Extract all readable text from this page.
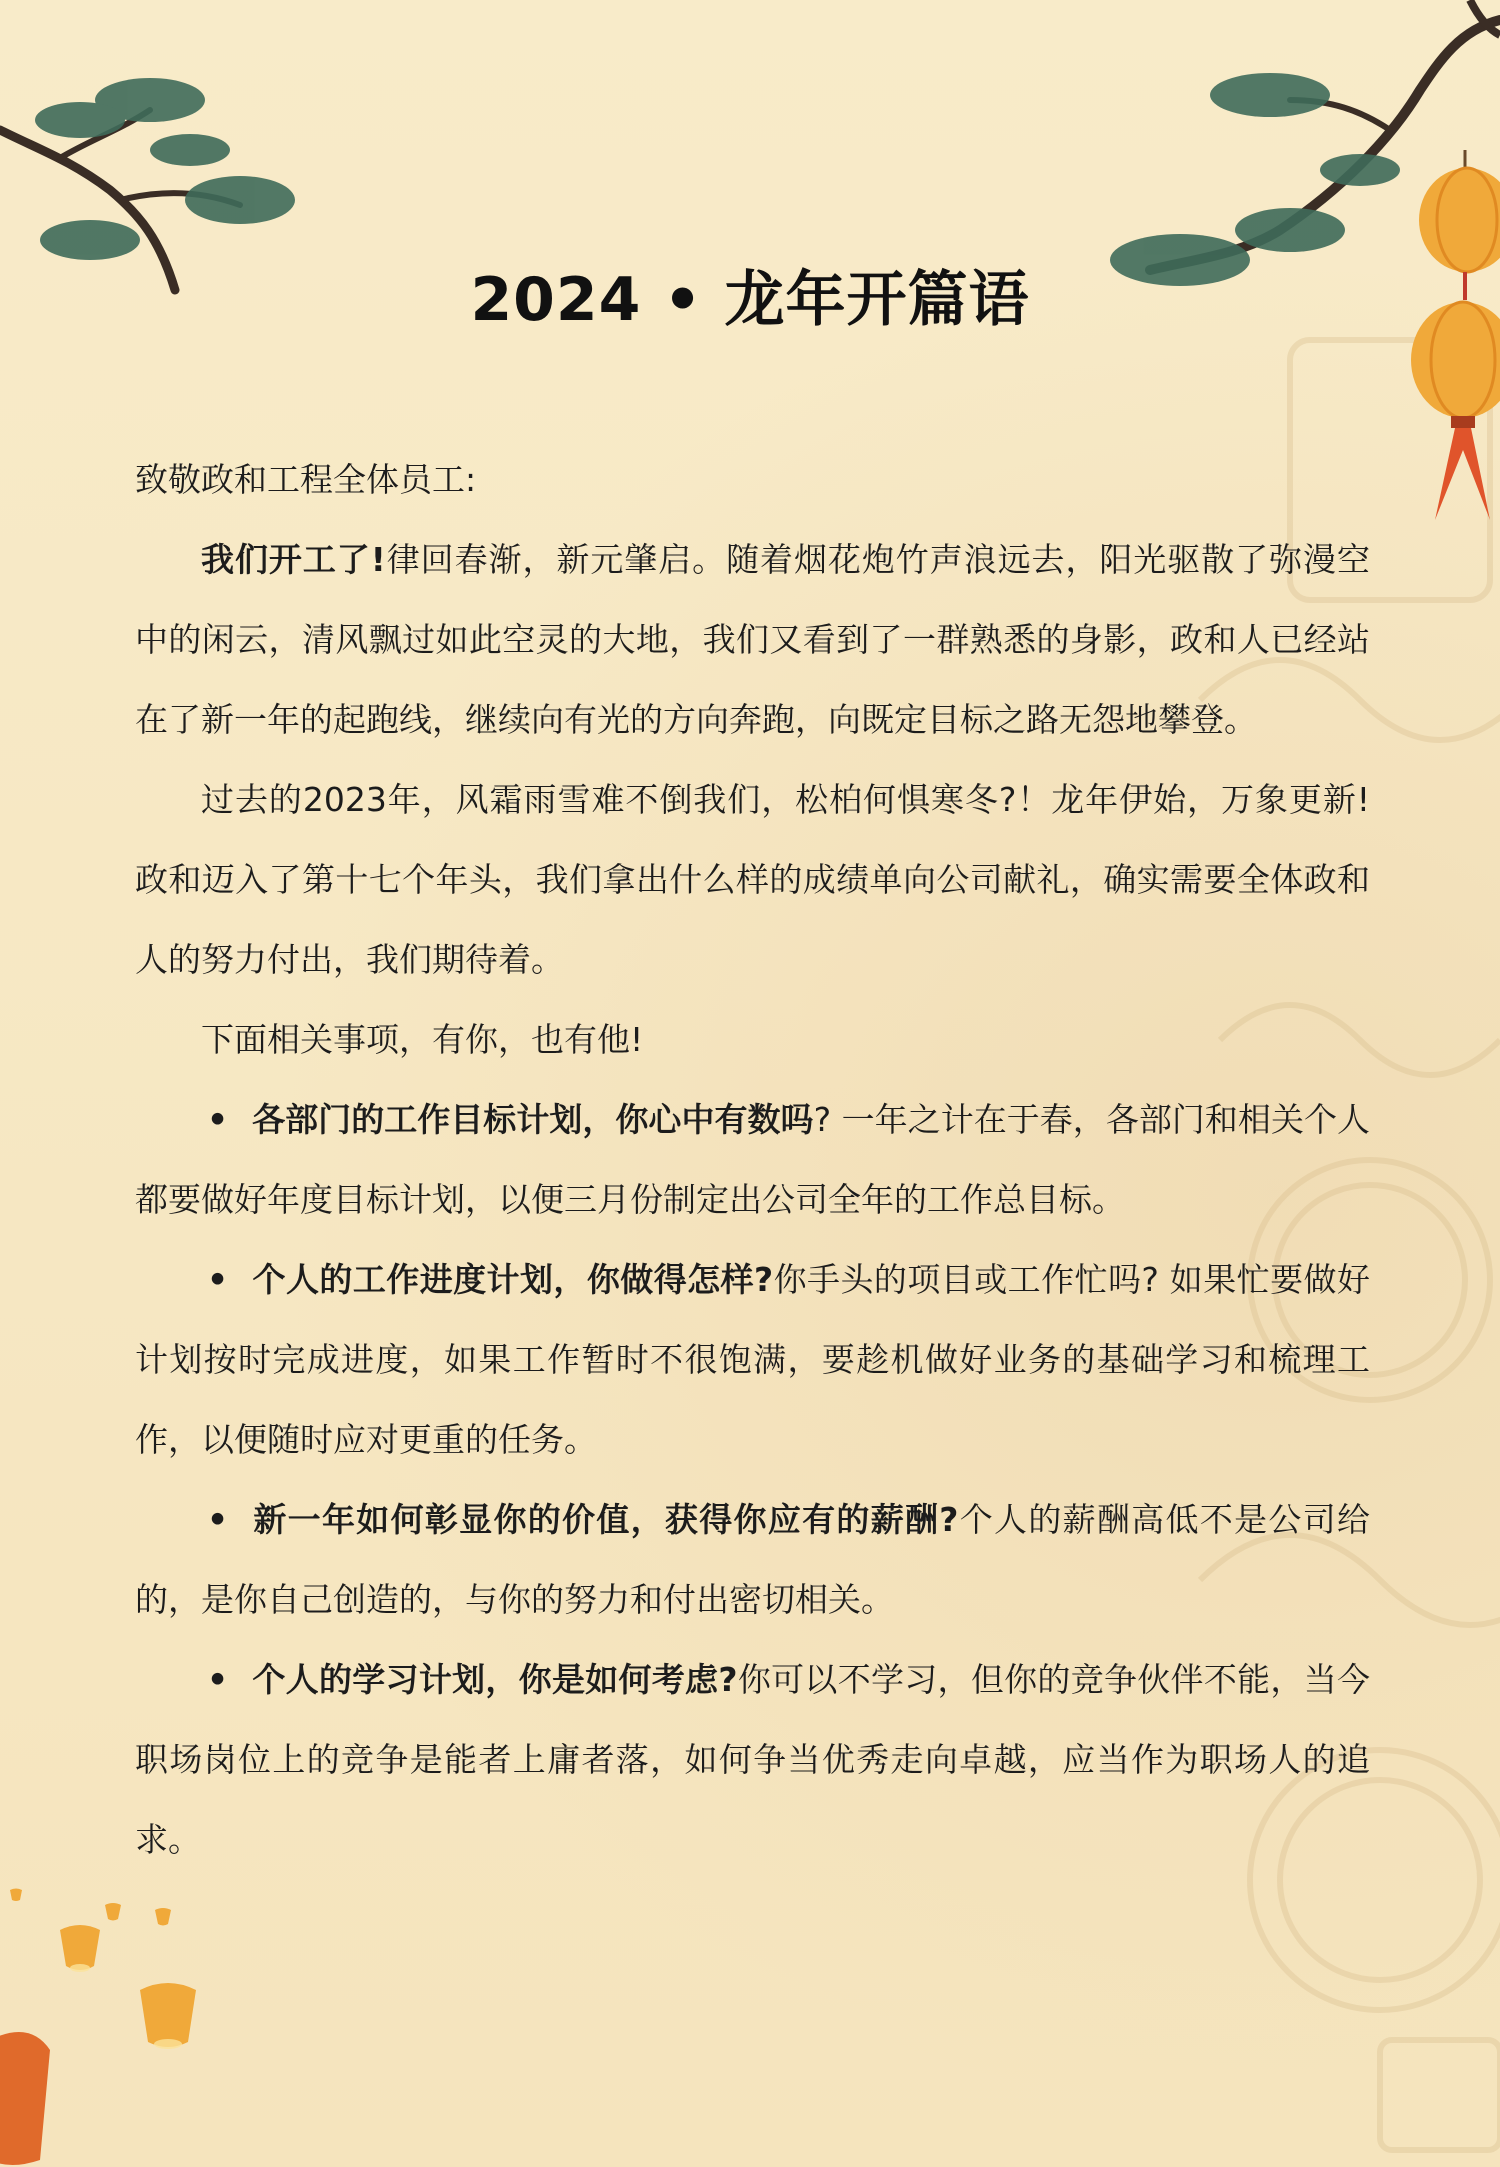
2024 • 龙年开篇语

致敬政和工程全体员工:

我们开工了!律回春渐，新元肇启。随着烟花炮竹声浪远去，阳光驱散了弥漫空中的闲云，清风飘过如此空灵的大地，我们又看到了一群熟悉的身影，政和人已经站在了新一年的起跑线，继续向有光的方向奔跑，向既定目标之路无怨地攀登。

过去的2023年，风霜雨雪难不倒我们，松柏何惧寒冬?！龙年伊始，万象更新!政和迈入了第十七个年头，我们拿出什么样的成绩单向公司献礼，确实需要全体政和人的努力付出，我们期待着。

下面相关事项，有你，也有他!

• 各部门的工作目标计划，你心中有数吗? 一年之计在于春，各部门和相关个人都要做好年度目标计划，以便三月份制定出公司全年的工作总目标。

• 个人的工作进度计划，你做得怎样?你手头的项目或工作忙吗? 如果忙要做好计划按时完成进度，如果工作暂时不很饱满，要趁机做好业务的基础学习和梳理工作，以便随时应对更重的任务。

• 新一年如何彰显你的价值，获得你应有的薪酬?个人的薪酬高低不是公司给的，是你自己创造的，与你的努力和付出密切相关。

• 个人的学习计划，你是如何考虑?你可以不学习，但你的竞争伙伴不能，当今职场岗位上的竞争是能者上庸者落，如何争当优秀走向卓越，应当作为职场人的追求。
